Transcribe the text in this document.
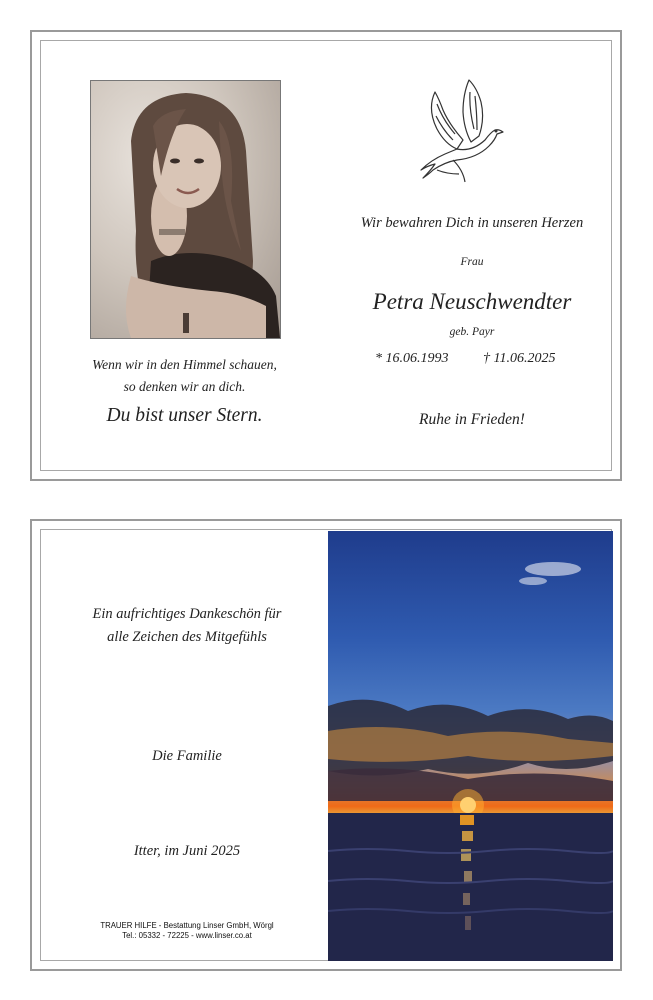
Wenn wir in den Himmel schauen,
so denken wir an dich.
Du bist unser Stern.
Wir bewahren Dich in unseren Herzen
Frau
Petra Neuschwendter
geb. Payr
* 16.06.1993 † 11.06.2025
Ruhe in Frieden!
Ein aufrichtiges Dankeschön für
alle Zeichen des Mitgefühls
Die Familie
Itter, im Juni 2025
TRAUER HILFE - Bestattung Linser GmbH, Wörgl
Tel.: 05332 - 72225 - www.linser.co.at
